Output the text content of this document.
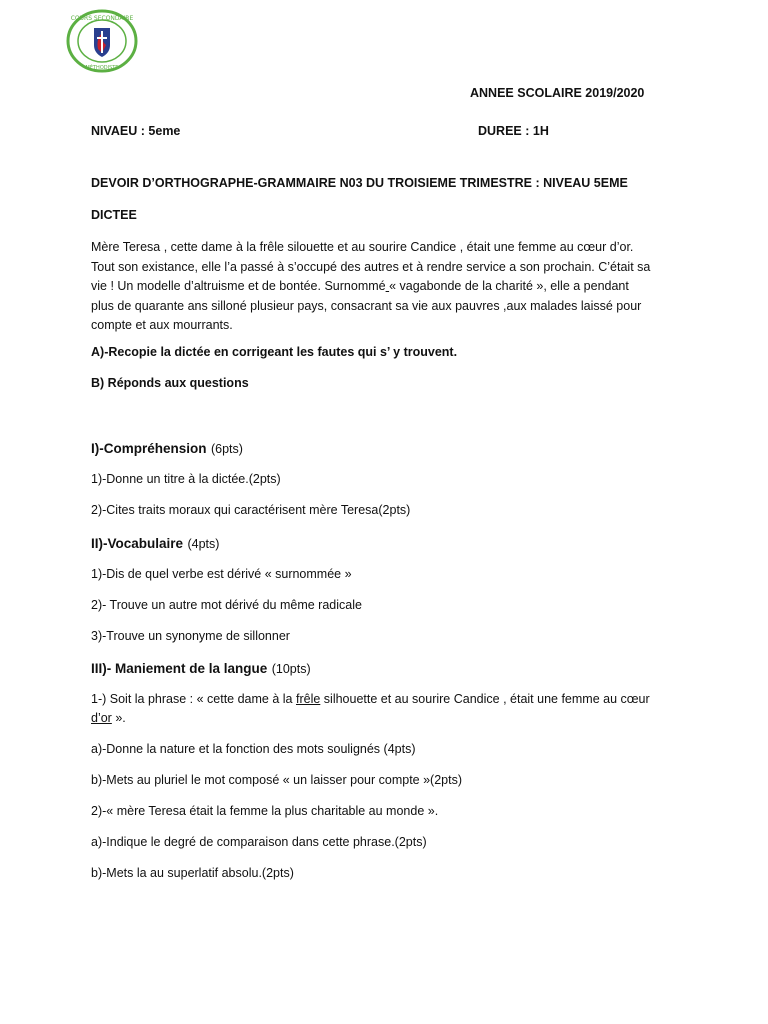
COURS SECONDAIRE
MÉTHODISTE
ANNEE SCOLAIRE 2019/2020
NIVAEU : 5eme	DUREE : 1H
DEVOIR D’ORTHOGRAPHE-GRAMMAIRE N03 DU TROISIEME TRIMESTRE : NIVEAU 5EME
DICTEE
Mère Teresa , cette dame à la frêle silouette et au sourire Candice , était une femme au cœur d’or.
Tout son existance, elle l’a passé à s’occupé des autres et à rendre service a son prochain. C’était sa
vie ! Un modelle d’altruisme et de bontée. Surnommé « vagabonde de la charité », elle a pendant
plus de quarante ans silloné plusieur pays, consacrant sa vie aux pauvres ,aux malades laissé pour
compte et aux mourrants.
A)-Recopie la dictée en corrigeant les fautes qui s’ y trouvent.
B) Réponds aux questions
I)-Compréhension (6pts)
1)-Donne un titre à la dictée.(2pts)
2)-Cites traits moraux qui caractérisent mère Teresa(2pts)
II)-Vocabulaire (4pts)
1)-Dis de quel verbe est dérivé « surnommée »
2)- Trouve un autre mot dérivé du même radicale
3)-Trouve un synonyme de sillonner
III)- Maniement de la langue (10pts)
1-) Soit la phrase : « cette dame à la frêle silhouette et au sourire Candice , était une femme au cœur
d’or ».
a)-Donne la nature et la fonction des mots soulignés (4pts)
b)-Mets au pluriel le mot composé « un laisser pour compte »(2pts)
2)-« mère Teresa était la femme la plus charitable au monde ».
a)-Indique le degré de comparaison dans cette phrase.(2pts)
b)-Mets la au superlatif absolu.(2pts)
